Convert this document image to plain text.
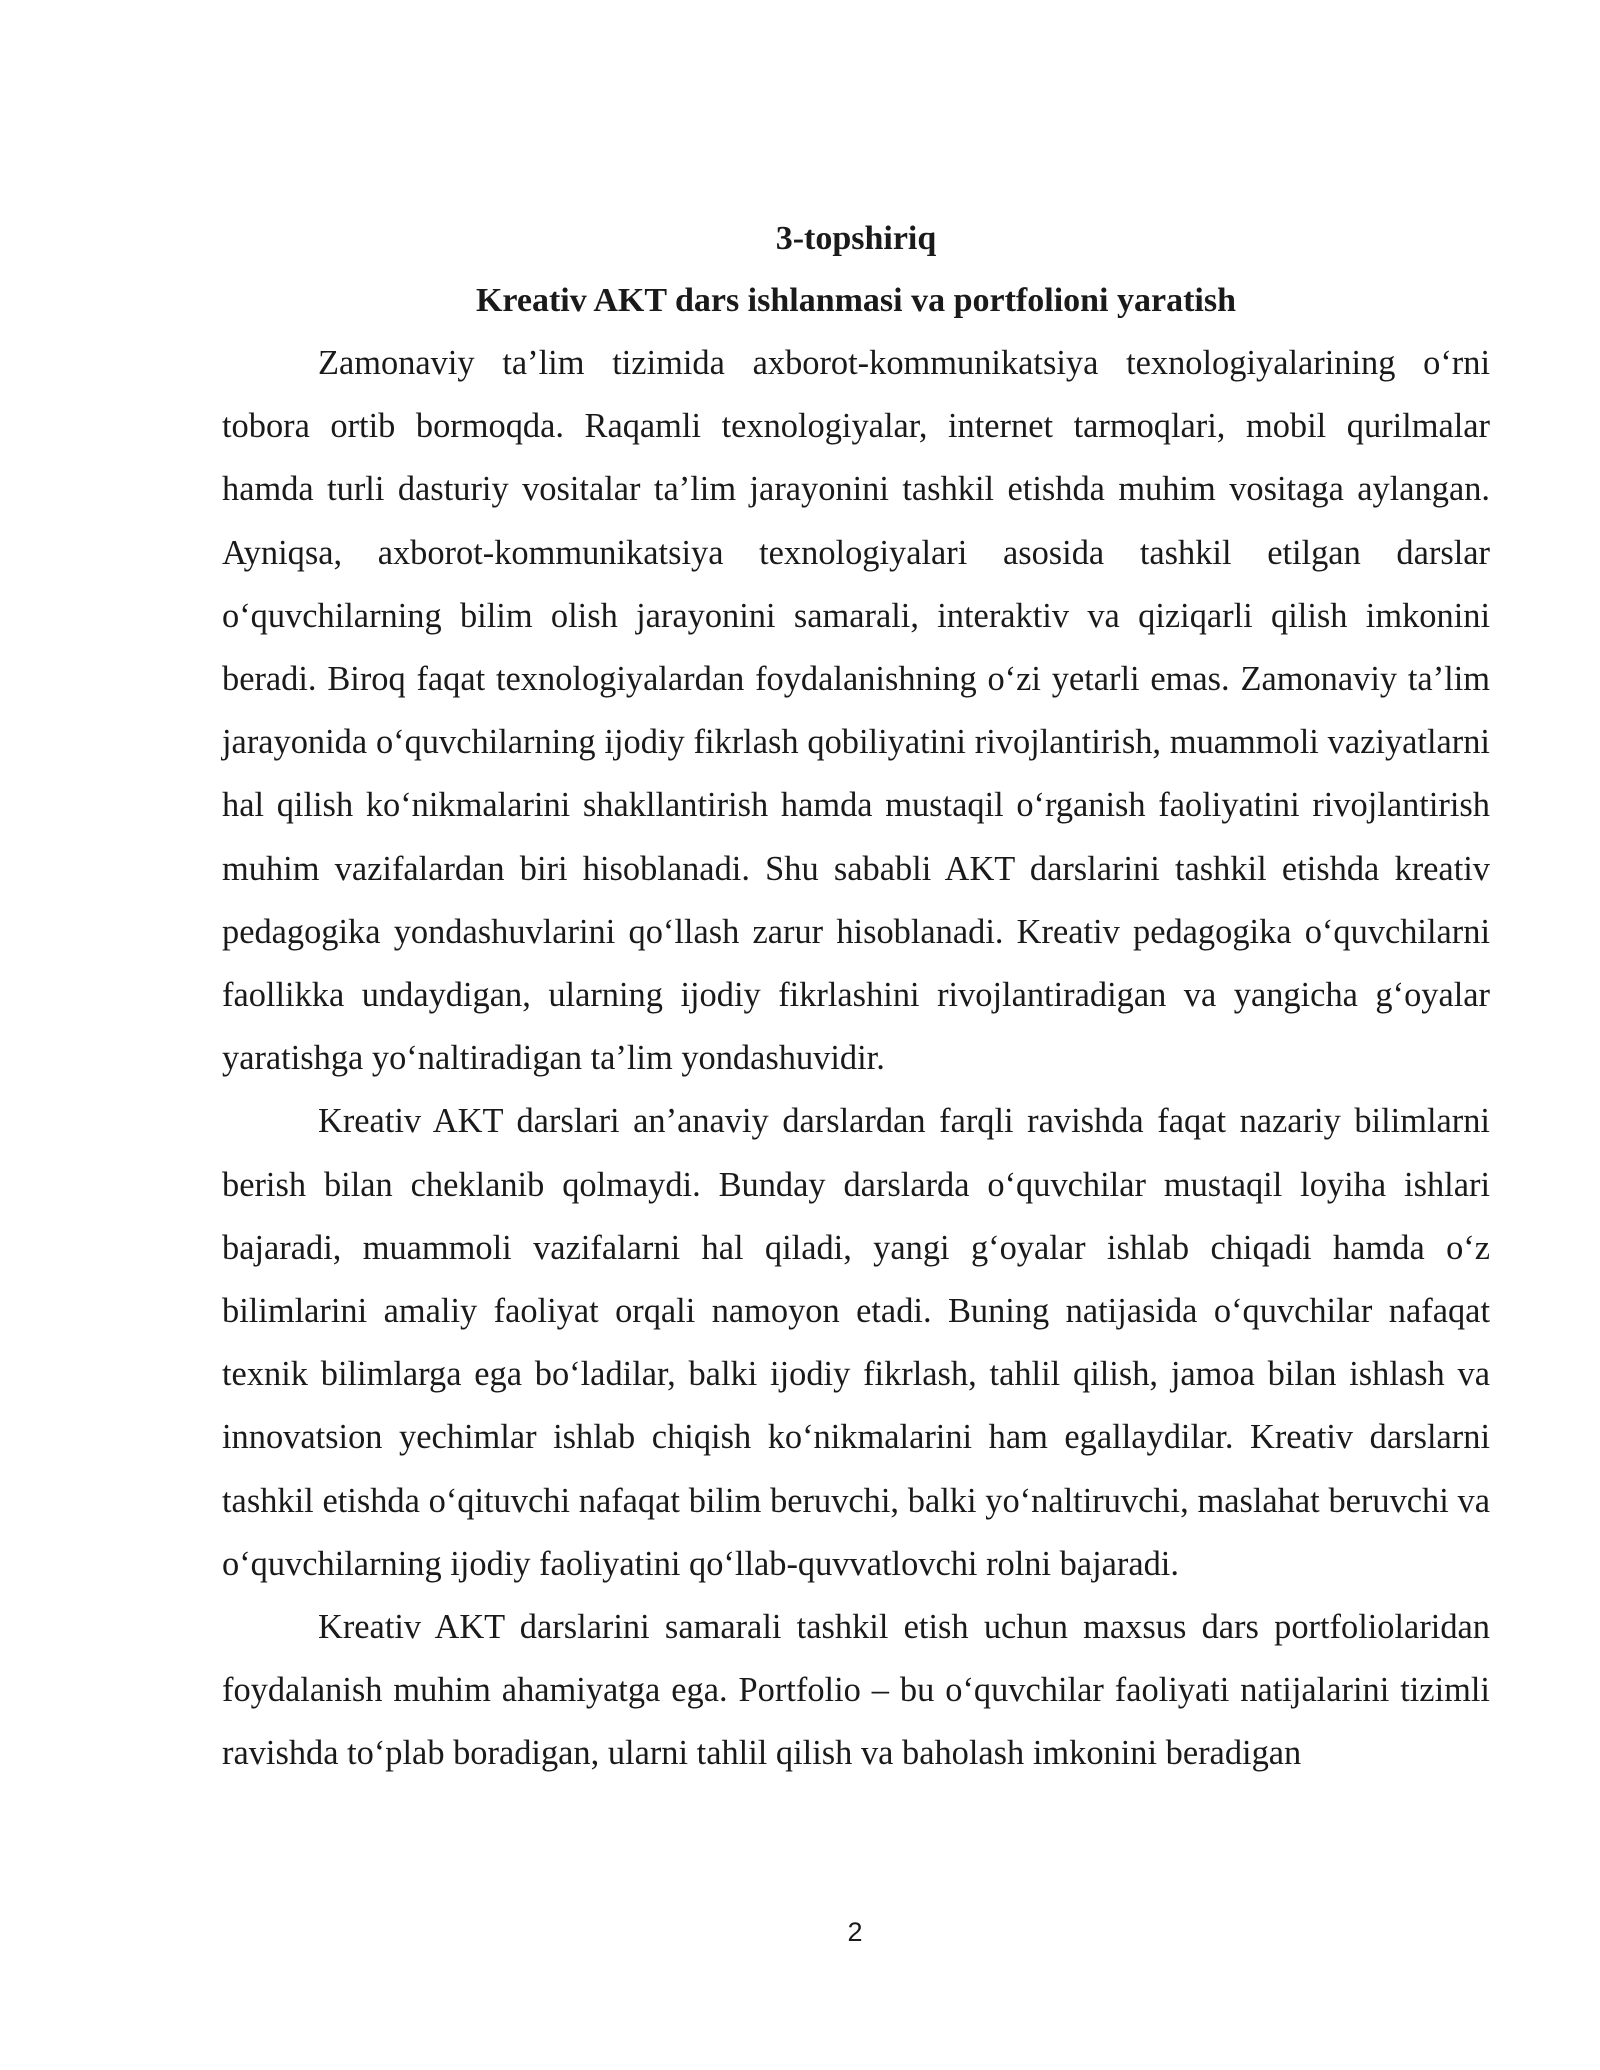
3-topshiriq
Kreativ AKT dars ishlanmasi va portfolioni yaratish

Zamonaviy ta’lim tizimida axborot-kommunikatsiya texnologiyalarining o‘rni tobora ortib bormoqda. Raqamli texnologiyalar, internet tarmoqlari, mobil qurilmalar hamda turli dasturiy vositalar ta’lim jarayonini tashkil etishda muhim vositaga aylangan. Ayniqsa, axborot-kommunikatsiya texnologiyalari asosida tashkil etilgan darslar o‘quvchilarning bilim olish jarayonini samarali, interaktiv va qiziqarli qilish imkonini beradi. Biroq faqat texnologiyalardan foydalanishning o‘zi yetarli emas. Zamonaviy ta’lim jarayonida o‘quvchilarning ijodiy fikrlash qobiliyatini rivojlantirish, muammoli vaziyatlarni hal qilish ko‘nikmalarini shakllantirish hamda mustaqil o‘rganish faoliyatini rivojlantirish muhim vazifalardan biri hisoblanadi. Shu sababli AKT darslarini tashkil etishda kreativ pedagogika yondashuvlarini qo‘llash zarur hisoblanadi. Kreativ pedagogika o‘quvchilarni faollikka undaydigan, ularning ijodiy fikrlashini rivojlantiradigan va yangicha g‘oyalar yaratishga yo‘naltiradigan ta’lim yondashuvidir.

Kreativ AKT darslari an’anaviy darslardan farqli ravishda faqat nazariy bilimlarni berish bilan cheklanib qolmaydi. Bunday darslarda o‘quvchilar mustaqil loyiha ishlari bajaradi, muammoli vazifalarni hal qiladi, yangi g‘oyalar ishlab chiqadi hamda o‘z bilimlarini amaliy faoliyat orqali namoyon etadi. Buning natijasida o‘quvchilar nafaqat texnik bilimlarga ega bo‘ladilar, balki ijodiy fikrlash, tahlil qilish, jamoa bilan ishlash va innovatsion yechimlar ishlab chiqish ko‘nikmalarini ham egallaydilar. Kreativ darslarni tashkil etishda o‘qituvchi nafaqat bilim beruvchi, balki yo‘naltiruvchi, maslahat beruvchi va o‘quvchilarning ijodiy faoliyatini qo‘llab-quvvatlovchi rolni bajaradi.

Kreativ AKT darslarini samarali tashkil etish uchun maxsus dars portfoliolaridan foydalanish muhim ahamiyatga ega. Portfolio – bu o‘quvchilar faoliyati natijalarini tizimli ravishda to‘plab boradigan, ularni tahlil qilish va baholash imkonini beradigan

2
